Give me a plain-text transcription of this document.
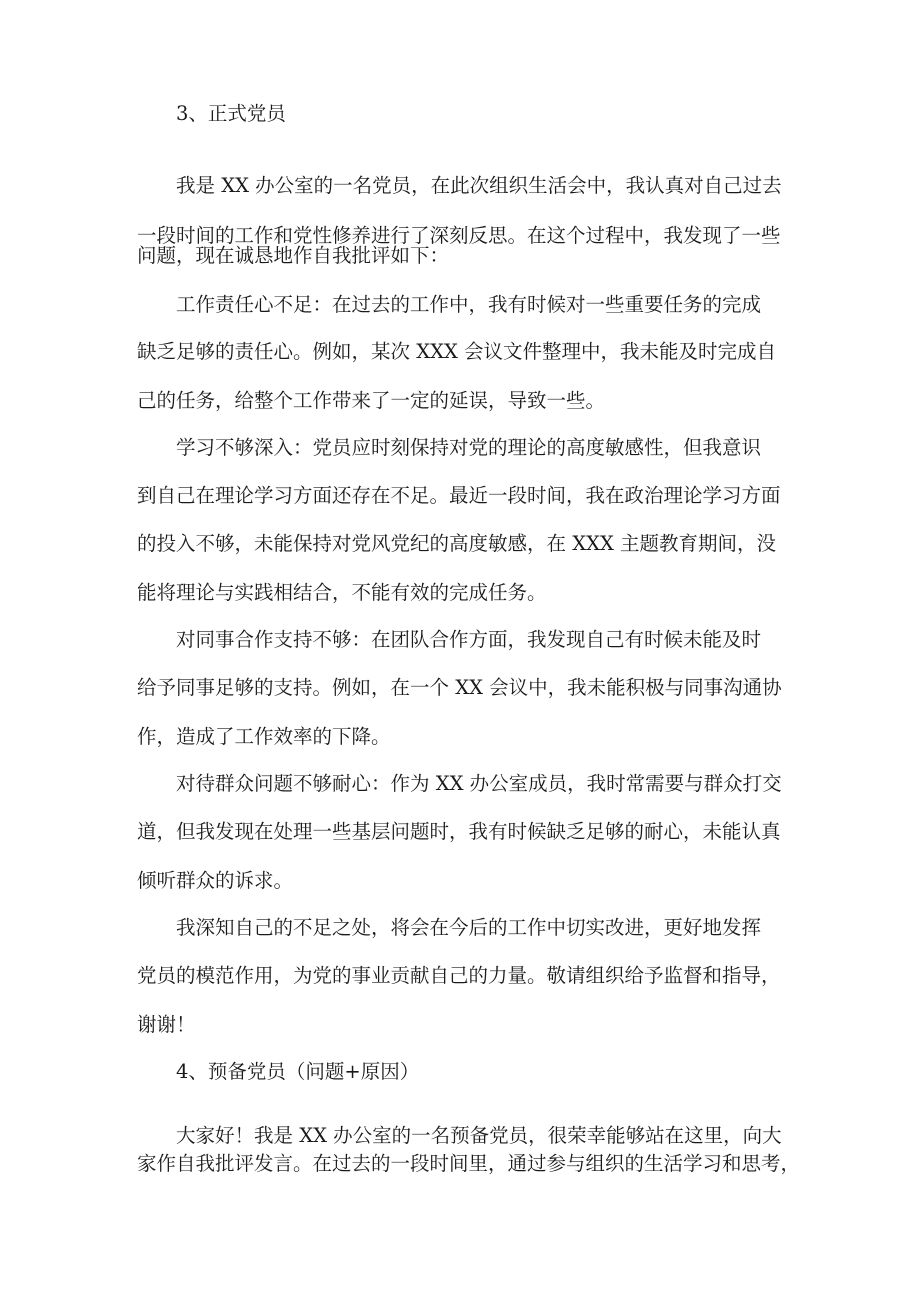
3、正式党员
我是 XX 办公室的一名党员，在此次组织生活会中，我认真对自己过去
一段时间的工作和党性修养进行了深刻反思。在这个过程中，我发现了一些
问题，现在诚恳地作自我批评如下：
工作责任心不足：在过去的工作中，我有时候对一些重要任务的完成
缺乏足够的责任心。例如，某次 XXX 会议文件整理中，我未能及时完成自
己的任务，给整个工作带来了一定的延误，导致一些。
学习不够深入：党员应时刻保持对党的理论的高度敏感性，但我意识
到自己在理论学习方面还存在不足。最近一段时间，我在政治理论学习方面
的投入不够，未能保持对党风党纪的高度敏感，在 XXX 主题教育期间，没
能将理论与实践相结合，不能有效的完成任务。
对同事合作支持不够：在团队合作方面，我发现自己有时候未能及时
给予同事足够的支持。例如，在一个 XX 会议中，我未能积极与同事沟通协
作，造成了工作效率的下降。
对待群众问题不够耐心：作为 XX 办公室成员，我时常需要与群众打交
道，但我发现在处理一些基层问题时，我有时候缺乏足够的耐心，未能认真
倾听群众的诉求。
我深知自己的不足之处，将会在今后的工作中切实改进，更好地发挥
党员的模范作用，为党的事业贡献自己的力量。敬请组织给予监督和指导，
谢谢！
4、预备党员（问题+原因）
大家好！我是 XX 办公室的一名预备党员，很荣幸能够站在这里，向大
家作自我批评发言。在过去的一段时间里，通过参与组织的生活学习和思考，
